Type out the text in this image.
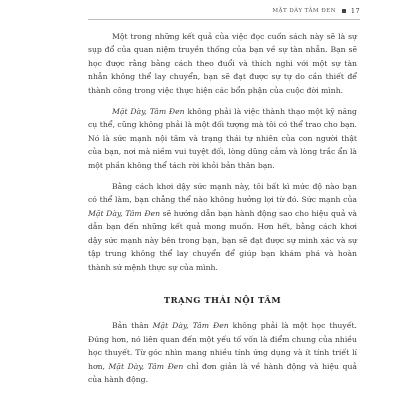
MẶT DÀY TÂM ĐEN 17

Một trong những kết quả của việc đọc cuốn sách này sẽ là sự sụp đổ của quan niệm truyền thống của bạn về sự tàn nhẫn. Bạn sẽ học được rằng bằng cách theo đuổi và thích nghi với một sự tàn nhẫn không thể lay chuyển, bạn sẽ đạt được sự tự do cần thiết để thành công trong việc thực hiện các bổn phận của cuộc đời mình.

Mặt Dày, Tâm Đen không phải là việc thành thạo một kỹ năng cụ thể, cũng không phải là một đối tượng mà tôi có thể trao cho bạn. Nó là sức mạnh nội tâm và trạng thái tự nhiên của con người thật của bạn, nơi mà niềm vui tuyệt đối, lòng dũng cảm và lòng trắc ẩn là một phần không thể tách rời khỏi bản thân bạn.

Bằng cách khơi dậy sức mạnh này, tôi bất kì mức độ nào bạn có thể làm, bạn chẳng thể nào không hưởng lợi từ đó. Sức mạnh của Mặt Dày, Tâm Đen sẽ hướng dẫn bạn hành động sao cho hiệu quả và dẫn bạn đến những kết quả mong muốn. Hơn hết, bằng cách khơi dậy sức mạnh này bên trong bạn, bạn sẽ đạt được sự minh xác và sự tập trung không thể lay chuyển để giúp bạn khám phá và hoàn thành sứ mệnh thực sự của mình.

TRẠNG THÁI NỘI TÂM

Bản thân Mặt Dày, Tâm Đen không phải là một học thuyết. Đúng hơn, nó liên quan đến một yếu tố vốn là điểm chung của nhiều học thuyết. Từ góc nhìn mang nhiều tính ứng dụng và ít tính triết lí hơn, Mặt Dày, Tâm Đen chỉ đơn giản là về hành động và hiệu quả của hành động.
